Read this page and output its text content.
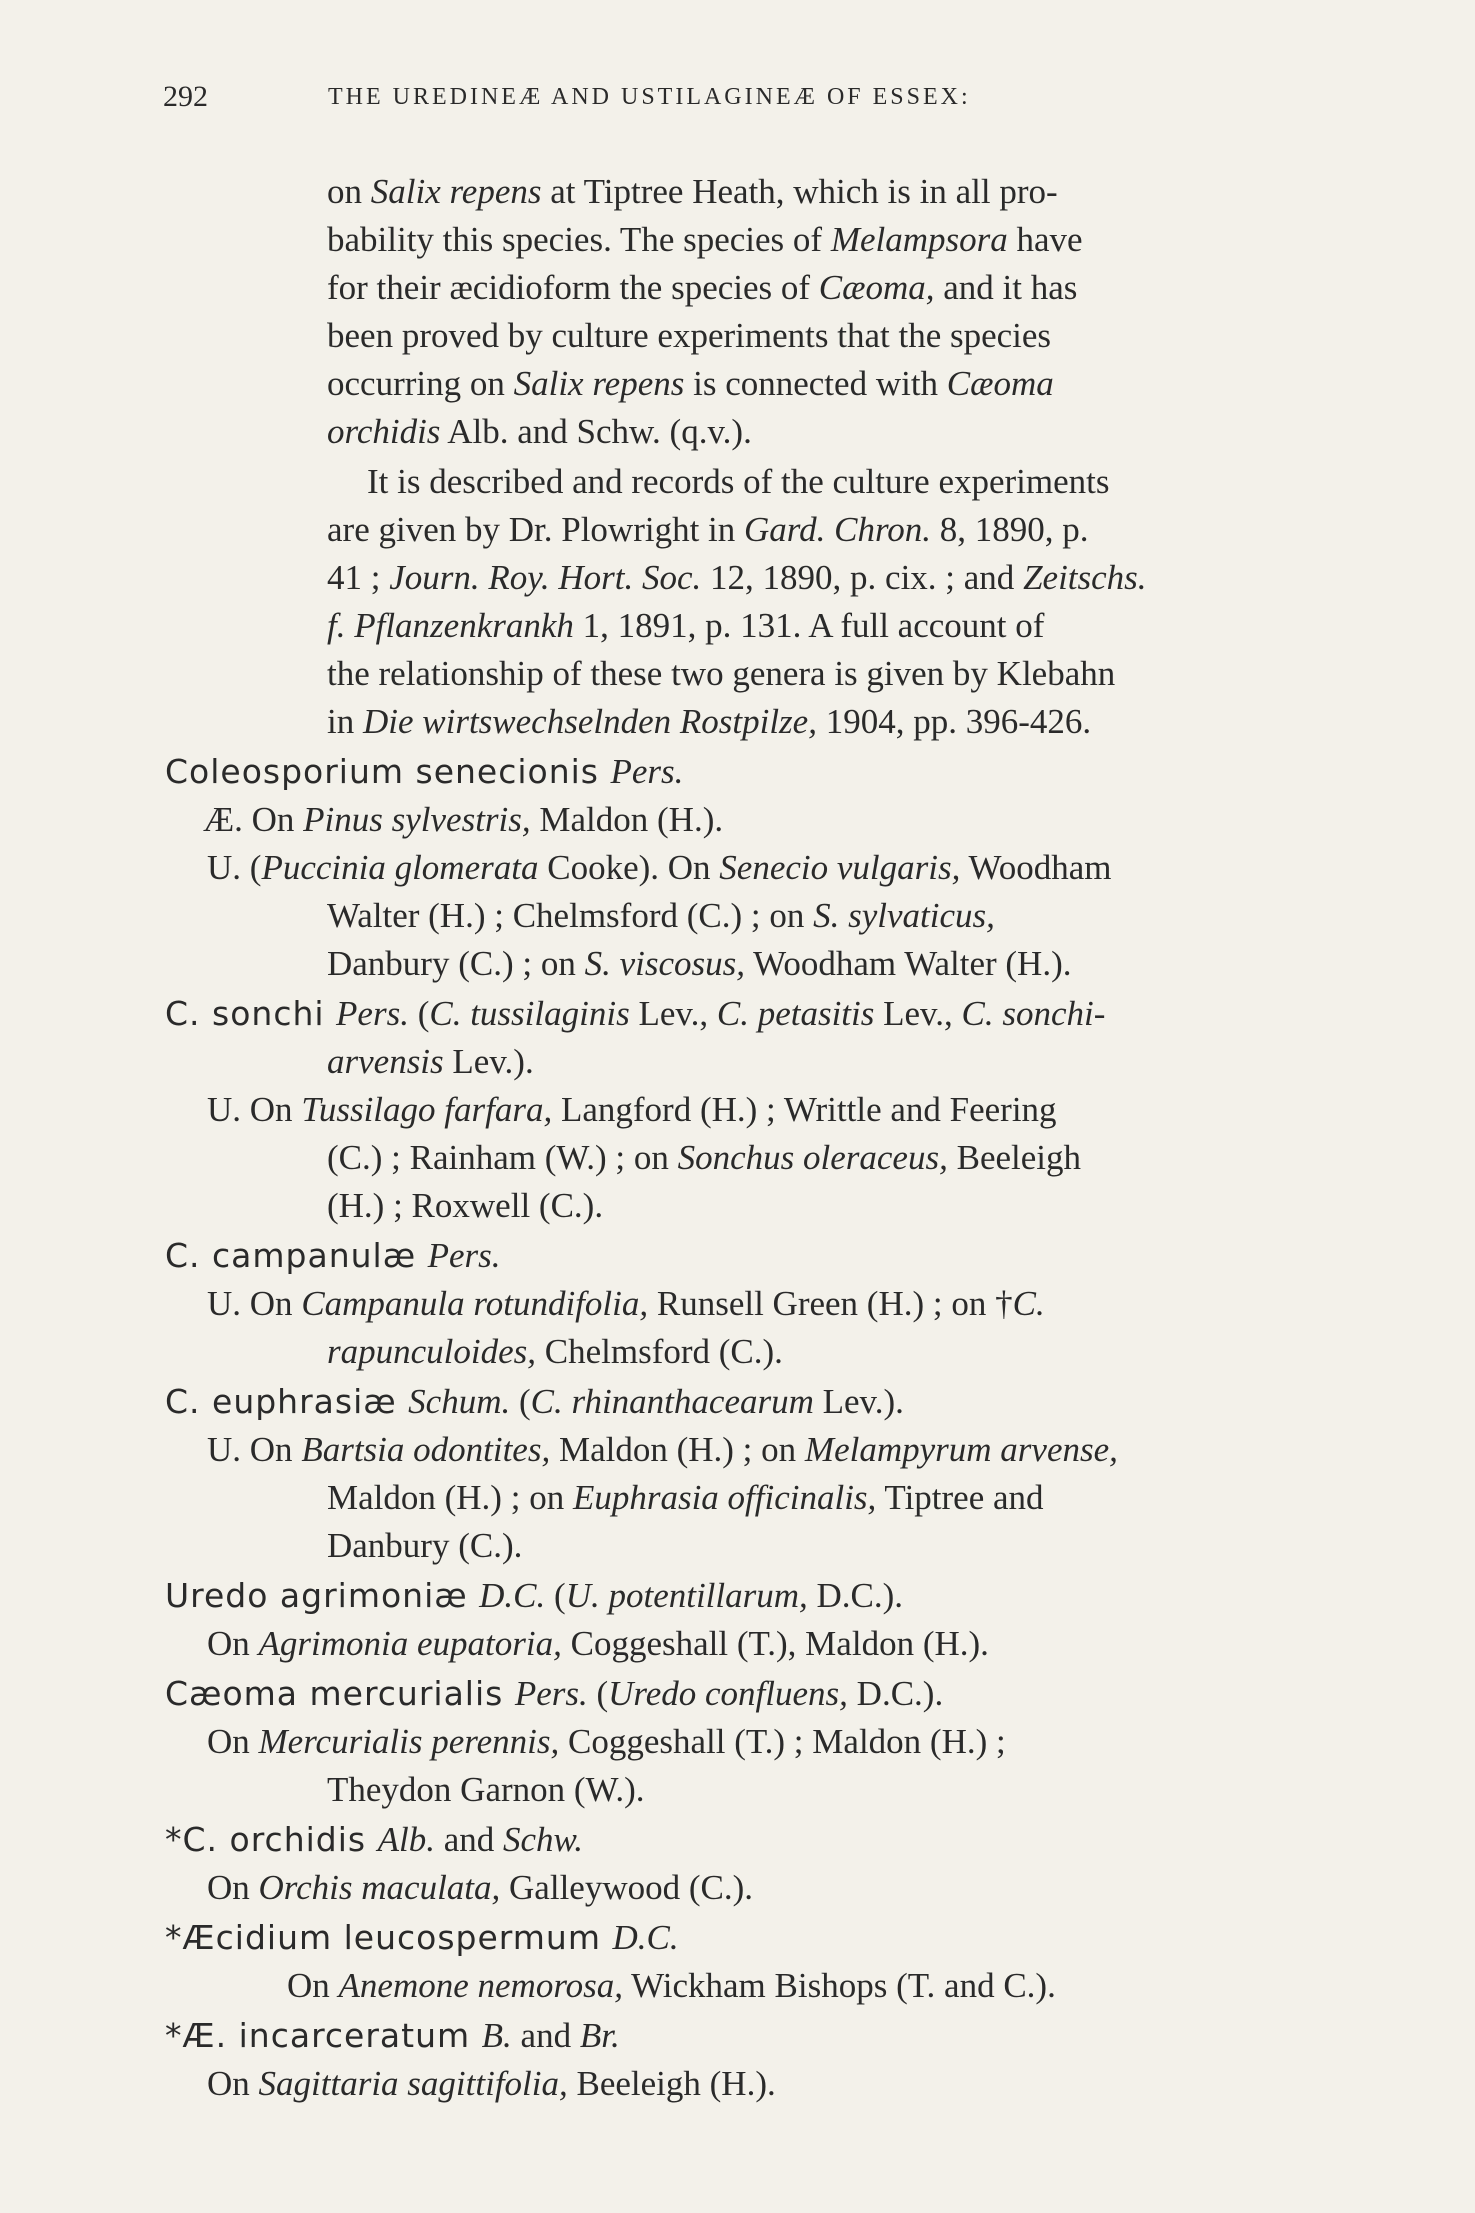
292	THE UREDINEÆ AND USTILAGINEÆ OF ESSEX:
on Salix repens at Tiptree Heath, which is in all pro-
bability this species. The species of Melampsora have
for their æcidioform the species of Cæoma, and it has
been proved by culture experiments that the species
occurring on Salix repens is connected with Cæoma
orchidis Alb. and Schw. (q.v.).
It is described and records of the culture experiments
are given by Dr. Plowright in Gard. Chron. 8, 1890, p.
41 ; Journ. Roy. Hort. Soc. 12, 1890, p. cix. ; and Zeitschs.
f. Pflanzenkrankh 1, 1891, p. 131. A full account of
the relationship of these two genera is given by Klebahn
in Die wirtswechselnden Rostpilze, 1904, pp. 396-426.
Coleosporium senecionis Pers.
Æ. On Pinus sylvestris, Maldon (H.).
U. (Puccinia glomerata Cooke). On Senecio vulgaris, Woodham
Walter (H.) ; Chelmsford (C.) ; on S. sylvaticus,
Danbury (C.) ; on S. viscosus, Woodham Walter (H.).
C. sonchi Pers. (C. tussilaginis Lev., C. petasitis Lev., C. sonchi-
arvensis Lev.).
U. On Tussilago farfara, Langford (H.) ; Writtle and Feering
(C.) ; Rainham (W.) ; on Sonchus oleraceus, Beeleigh
(H.) ; Roxwell (C.).
C. campanulæ Pers.
U. On Campanula rotundifolia, Runsell Green (H.) ; on †C.
rapunculoides, Chelmsford (C.).
C. euphrasiæ Schum. (C. rhinanthacearum Lev.).
U. On Bartsia odontites, Maldon (H.) ; on Melampyrum arvense,
Maldon (H.) ; on Euphrasia officinalis, Tiptree and
Danbury (C.).
Uredo agrimoniæ D.C. (U. potentillarum, D.C.).
On Agrimonia eupatoria, Coggeshall (T.), Maldon (H.).
Cæoma mercurialis Pers. (Uredo confluens, D.C.).
On Mercurialis perennis, Coggeshall (T.) ; Maldon (H.) ;
Theydon Garnon (W.).
*C. orchidis Alb. and Schw.
On Orchis maculata, Galleywood (C.).
*Æcidium leucospermum D.C.
On Anemone nemorosa, Wickham Bishops (T. and C.).
*Æ. incarceratum B. and Br.
On Sagittaria sagittifolia, Beeleigh (H.).
